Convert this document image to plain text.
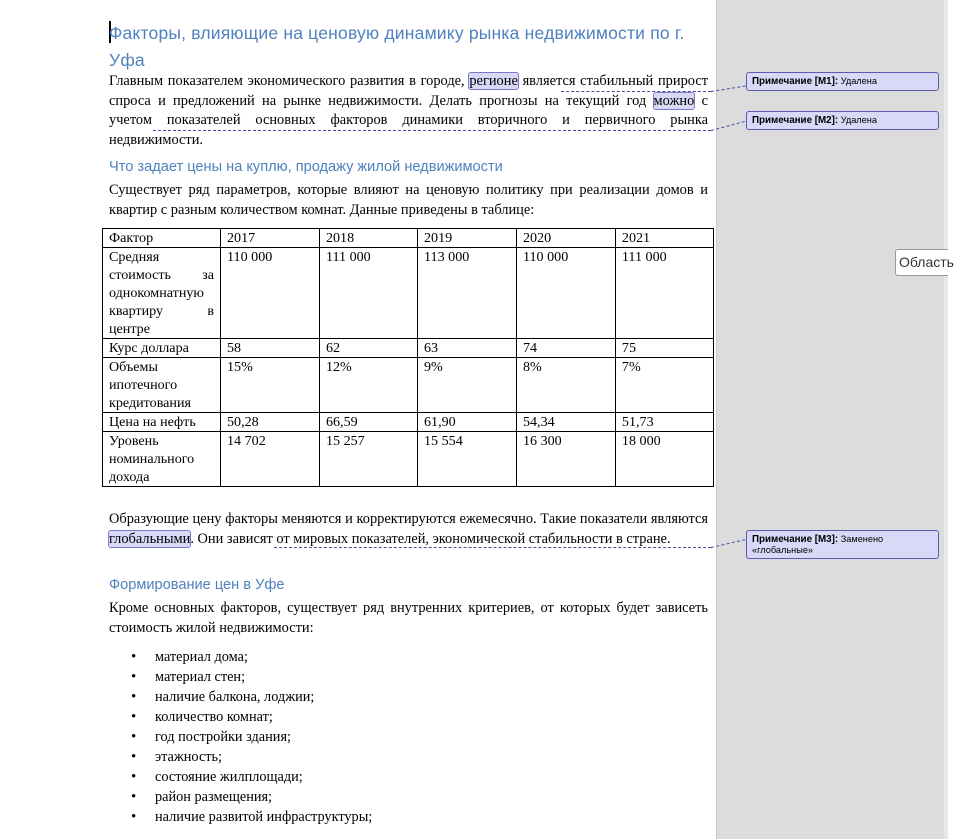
Факторы, влияющие на ценовую динамику рынка недвижимости по г. Уфа

Главным показателем экономического развития в городе, регионе является стабильный прирост спроса и предложений на рынке недвижимости. Делать прогнозы на текущий год можно с учетом показателей основных факторов динамики вторичного и первичного рынка недвижимости.

Что задает цены на куплю, продажу жилой недвижимости

Существует ряд параметров, которые влияют на ценовую политику при реализации домов и квартир с разным количеством комнат. Данные приведены в таблице:

Фактор	2017	2018	2019	2020	2021
Средняя стоимость за однокомнатную квартиру в центре	110 000	111 000	113 000	110 000	111 000
Курс доллара	58	62	63	74	75
Объемы ипотечного кредитования	15%	12%	9%	8%	7%
Цена на нефть	50,28	66,59	61,90	54,34	51,73
Уровень номинального дохода	14 702	15 257	15 554	16 300	18 000

Образующие цену факторы меняются и корректируются ежемесячно. Такие показатели являются глобальными. Они зависят от мировых показателей, экономической стабильности в стране.

Формирование цен в Уфе

Кроме основных факторов, существует ряд внутренних критериев, от которых будет зависеть стоимость жилой недвижимости:

• материал дома;
• материал стен;
• наличие балкона, лоджии;
• количество комнат;
• год постройки здания;
• этажность;
• состояние жилплощади;
• район размещения;
• наличие развитой инфраструктуры;
Примечание [M1]: Удалена
Примечание [M2]: Удалена
Примечание [M3]: Заменено «глобальные»
Область
